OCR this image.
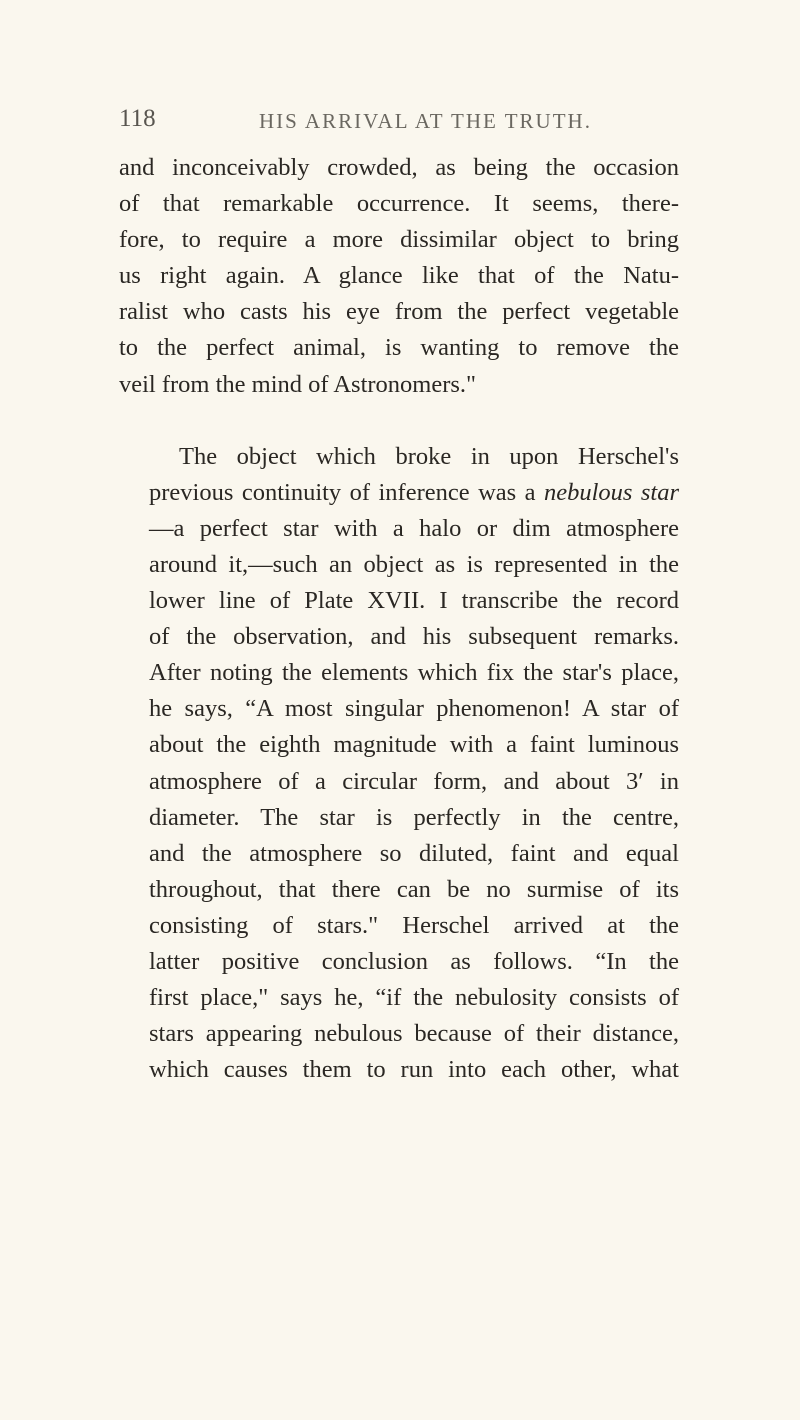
118	HIS ARRIVAL AT THE TRUTH.
and inconceivably crowded, as being the occasion
of that remarkable occurrence. It seems, there-
fore, to require a more dissimilar object to bring
us right again. A glance like that of the Natu-
ralist who casts his eye from the perfect vegetable
to the perfect animal, is wanting to remove the
veil from the mind of Astronomers."
The object which broke in upon Herschel's
previous continuity of inference was a nebulous star
—a perfect star with a halo or dim atmosphere
around it,—such an object as is represented in the
lower line of Plate XVII. I transcribe the record
of the observation, and his subsequent remarks.
After noting the elements which fix the star's place,
he says, “A most singular phenomenon! A star of
about the eighth magnitude with a faint luminous
atmosphere of a circular form, and about 3′ in
diameter. The star is perfectly in the centre,
and the atmosphere so diluted, faint and equal
throughout, that there can be no surmise of its
consisting of stars." Herschel arrived at the
latter positive conclusion as follows. “In the
first place," says he, “if the nebulosity consists of
stars appearing nebulous because of their distance,
which causes them to run into each other, what
